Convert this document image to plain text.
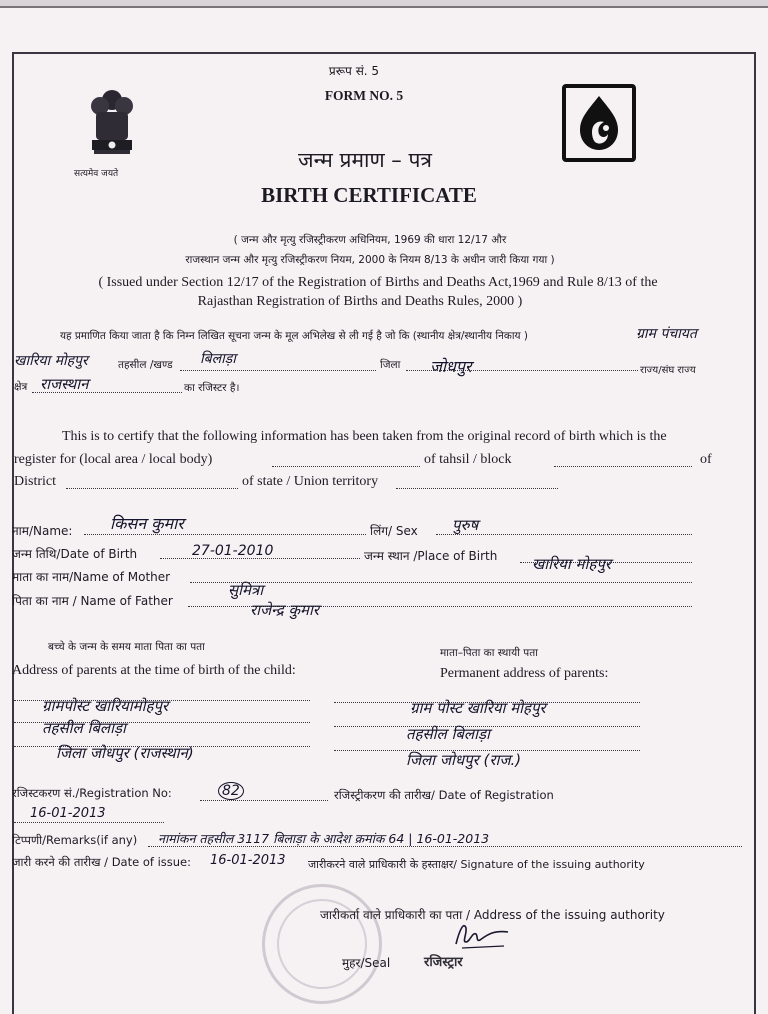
सत्यमेव जयते
प्ररूप सं. 5
FORM NO. 5
जन्म प्रमाण – पत्र
BIRTH CERTIFICATE
( जन्म और मृत्यु रजिस्ट्रीकरण अधिनियम, 1969 की धारा 12/17 और
राजस्थान जन्म और मृत्यु रजिस्ट्रीकरण नियम, 2000 के नियम 8/13 के अधीन जारी किया गया )
( Issued under Section 12/17 of the Registration of Births and Deaths Act,1969 and Rule 8/13 of the
Rajasthan Registration of Births and Deaths Rules, 2000 )
यह प्रमाणित किया जाता है कि निम्न लिखित सूचना जन्म के मूल अभिलेख से ली गई है जो कि (स्थानीय क्षेत्र/स्थानीय निकाय )	ग्राम पंचायत
खारिया मोहपुर	तहसील /खण्ड बिलाड़ा	जिला जोधपुर	राज्य/संघ राज्य
क्षेत्र राजस्थान	का रजिस्टर है।
This is to certify that the following information has been taken from the original record of birth which is the
register for (local area / local body)	of tahsil / block	of
District	of state / Union territory
नाम/Name: किसन कुमार	लिंग/ Sex पुरुष
जन्म तिथि/Date of Birth	27-01-2010	जन्म स्थान /Place of Birth खारिया मोहपुर
माता का नाम/Name of Mother
सुमित्रा
पिता का नाम / Name of Father	राजेन्द्र कुमार
बच्चे के जन्म के समय माता पिता का पता
Address of parents at the time of birth of the child:
माता–पिता का स्थायी पता
Permanent address of parents:
ग्रामपोस्ट खारियामोहपुर
तहसील बिलाड़ा
जिला जोधपुर (राजस्थान)
ग्राम पोस्ट खारिया मोहपुर
तहसील बिलाड़ा
जिला जोधपुर (राज.)
रजिस्टकरण सं./Registration No:	82	रजिस्ट्रीकरण की तारीख/ Date of Registration
16-01-2013
टिप्पणी/Remarks(if any) नामांकन तहसील 3117 बिलाड़ा के आदेश क्रमांक 64 | 16-01-2013
जारी करने की तारीख / Date of issue: 16-01-2013 जारीकरने वाले प्राधिकारी के हस्ताक्षर/ Signature of the issuing authority
जारीकर्ता वाले प्राधिकारी का पता / Address of the issuing authority
मुहर/Seal	रजिस्ट्रार
